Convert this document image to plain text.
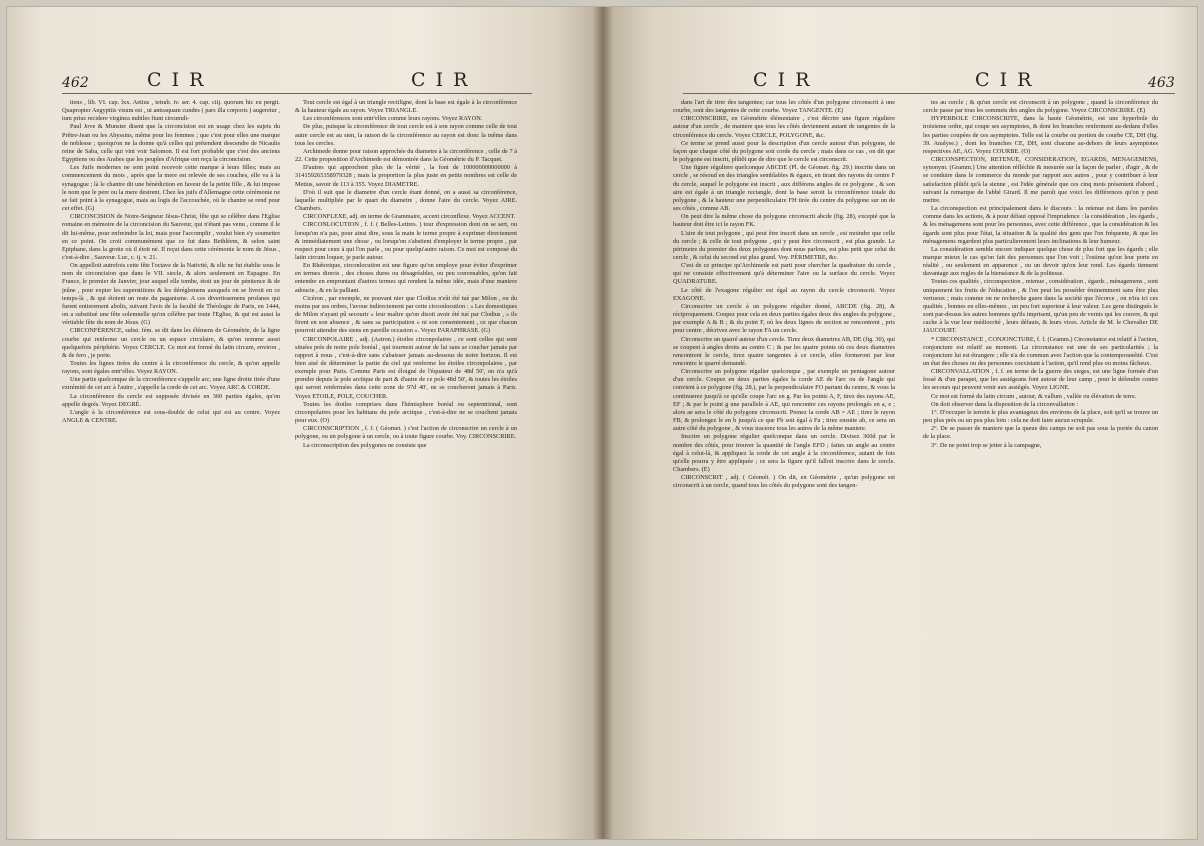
462	C I R	C I R

tiens , lib. VI. cap. lxx. Aetius , tetrab. iv. ser. 4. cap. ciij. quorum hic eu pergit. Quapropter Aegyptiis visum est , ut anteaquam cundes ( pars illa corporis ) augeretur , tum prius recidere virginea nubiles fiunt circumdi-

Paul Jove & Munster disent que la circoncision est en usage chez les sujets du Prêtre-Jean ou les Abyssins, même pour les femmes ; que c'est pour elles une marque de noblesse ; quoiqu'on ne la donne qu'à celles qui prétendent descendre de Nicaulis reine de Saba, celle qui vint voir Salomon. Il est fort probable que c'est des anciens Egyptiens ou des Arabes que les peuples d'Afrique ont reçu la circoncision.

Les Juifs modernes ne sont point recevoir cette marque à leurs filles; mais au commencement du mois , après que la mere est relevée de ses couches, elle va à la synagogue ; là le chantre dit une bénédiction en faveur de la petite fille , & lui impose le nom que le pere ou la mere desirent. Chez les juifs d'Allemagne cette cérémonie ne se fait point à la synagogue, mais au logis de l'accouchée, où le chantre se rend pour cet effet. (G)

CIRCONCISION de Notre-Seigneur Jésus-Christ, fête qui se célèbre dans l'Eglise romaine en mémoire de la circoncision du Sauveur, qui n'étant pas venu , comme il le dit lui-même, pour enfreindre la loi, mais pour l'accomplir , voulut bien s'y soumettre en ce point. On croit communément que ce fut dans Bethléem, & selon saint Epiphane, dans la grotte où il étoit né. Il reçut dans cette cérémonie le nom de Jésus , c'est-à-dire , Sauveur. Luc, c. ij. v. 21.

On appelloit autrefois cette fête l'octave de la Nativité, & elle ne fut établie sous le nom de circoncision que dans le VII. siecle, & alors seulement en Espagne. En France, le premier de Janvier, jour auquel elle tombe, étoit un jour de pénitence & de jeûne , pour expier les superstitions & les déréglemens auxquels on se livroit en ce temps-là , & qui étoient un reste du paganisme. A ces divertissemens profanes qui furent entierement abolis, suivant l'avis de la faculté de Théologie de Paris, en 1444, on a substitué une fête solemnelle qu'on célèbre par toute l'Eglise, & qui est aussi la véritable fête du nom de Jésus. (G)

CIRCONFÉRENCE, subst. fém. se dit dans les élémens de Géométrie, de la ligne courbe qui renferme un cercle ou un espace circulaire, & qu'on nomme aussi quelquefois périphérie. Voyez CERCLE. Ce mot est formé du latin circum, environ , & de fero , je porte.

Toutes les lignes tirées du centre à la circonférence du cercle, & qu'on appelle rayons, sont égales entr'elles. Voyez RAYON.

Une partie quelconque de la circonférence s'appelle arc; une ligne droite tirée d'une extrémité de cet arc à l'autre , s'appelle la corde de cet arc. Voyez ARC & CORDE.

La circonférence du cercle est supposée divisée en 360 parties égales, qu'on appelle degrés. Voyez DEGRÉ.

L'angle à la circonférence est sous-double de celui qui est au centre. Voyez ANGLE & CENTRE.

Tout cercle est égal à un triangle rectiligne, dont la base est égale à la circonférence & la hauteur égale au rayon. Voyez TRIANGLE.

Les circonférences sont entr'elles comme leurs rayons. Voyez RAYON.

De plus, puisque la circonférence de tout cercle est à son rayon comme celle de tout autre cercle est au sien, la raison de la circonférence au rayon est donc la même dans tous les cercles.

Archimede donne pour raison approchée du diametre à la circonférence , celle de 7 à 22. Cette proposition d'Archimede est démontrée dans la Géométrie du P. Tacquet.

D'autres qui approchent plus de la vérité , la font de 100000000000000 à 314159265358979328 ; mais la proportion la plus juste en petits nombres est celle de Metius, savoir de 113 à 355. Voyez DIAMETRE.

D'où il suit que le diametre d'un cercle étant donné, on a aussi sa circonférence, laquelle multipliée par le quart du diametre , donne l'aire du cercle. Voyez AIRE. Chambers.

CIRCONFLEXE, adj. en terme de Grammaire, accent circonflexe. Voyez ACCENT.

CIRCONLOCUTION , f. f. ( Belles-Lettres. ) tour d'expression dont on se sert, ou lorsqu'on n'a pas, pour ainsi dire, sous la main le terme propre à exprimer directement & immédiatement une chose , ou lorsqu'on s'abstient d'employer le terme propre , par respect pour ceux à qui l'on parle , ou pour quelqu'autre raison. Ce mot est composé du latin circum loquor, je parle autour.

En Rhétorique, circonlocution est une figure qu'on employe pour éviter d'exprimer en termes directs , des choses dures ou désagréables, ou peu convenables, qu'on fait entendre en empruntant d'autres termes qui rendent la même idée, mais d'une maniere adoucie , & en la palliant.

Cicéron , par exemple, ne pouvant nier que Clodius n'eût été tué par Milon , ou du moins par ses ordres, l'avoue indirectement par cette circonlocution : « Les domestiques de Milon n'ayant pû secourir » leur maître qu'on disoit avoir été tué par Clodius , » ils firent en son absence , & sans sa participation » ni son consentement , ce que chacun pourroit attendre des siens en pareille occasion ». Voyez PARAPHRASE. (G)

CIRCONPOLAIRE , adj. (Astron.) étoiles circonpolaires , ce sont celles qui sont situées près de notre pole boréal , qui tournent autour de lui sans se coucher jamais par rapport à nous , c'est-à-dire sans s'abaisser jamais au-dessous de notre horizon. Il est bien aisé de déterminer la partie du ciel qui renferme les étoiles circonpolaires , par exemple pour Paris. Comme Paris est éloigné de l'équateur de 48d 50', on n'a qu'à prendre depuis le pole arctique de part & d'autre de ce pole 48d 50', & toutes les étoiles qui seront renfermées dans cette zone de 97d 40', ne se coucheront jamais à Paris. Voyez ETOILE, POLE, COUCHER.

Toutes les étoiles comprises dans l'hémisphere boréal ou septentrional, sont circonpolaires pour les habitans du pole arctique , c'est-à-dire ne se couchent jamais pour eux. (O)

CIRCONSCRIPTION , f. f. ( Géomet. ) c'est l'action de circonscrire un cercle à un polygone, ou un polygone à un cercle, ou à toute figure courbe. Voy. CIRCONSCRIRE.

La circonscription des polygones ne consiste que

C I R	C I R	463

dans l'art de tirer des tangentes; car tous les côtés d'un polygone circonscrit à une courbe, sont des tangentes de cette courbe. Voyez TANGENTE. (E)

CIRCONSCRIRE, en Géométrie élémentaire , c'est décrire une figure réguliere autour d'un cercle , de maniere que tous les côtés deviennent autant de tangentes de la circonférence du cercle. Voyez CERCLE, POLYGONE, &c.

Ce terme se prend aussi pour la description d'un cercle autour d'un polygone, de façon que chaque côté du polygone soit corde du cercle ; mais dans ce cas , on dit que le polygone est inscrit, plûtôt que de dire que le cercle est circonscrit.

Une figure réguliere quelconque ABCDE (Pl. de Géomet. fig. 29.) inscrite dans un cercle , se résoud en des triangles semblables & égaux, en tirant des rayons du centre F du cercle, auquel le polygone est inscrit , aux différens angles de ce polygone , & son aire est égale à un triangle rectangle, dont la base seroit la circonférence totale du polygone , & la hauteur une perpendiculaire FH tirée du centre du polygone sur un de ses côtés , comme AB.

On peut dire la même chose du polygone circonscrit abcde (fig. 28), excepté que la hauteur doit être ici le rayon FK.

L'aire de tout polygone , qui peut être inscrit dans un cercle , est moindre que celle du cercle ; & celle de tout polygone , qui y peut être circonscrit , est plus grande. Le périmetre du premier des deux polygones dont nous parlons, est plus petit que celui du cercle , & celui du second est plus grand. Voy. PÉRIMETRE, &c.

C'est de ce principe qu'Archimede est parti pour chercher la quadrature du cercle , qui ne consiste effectivement qu'à déterminer l'aire ou la surface du cercle. Voyez QUADRATURE.

Le côté de l'exagone régulier est égal au rayon du cercle circonscrit. Voyez EXAGONE.

Circonscrire un cercle à un polygone régulier donné, ABCDE (fig. 28), & réciproquement. Coupez pour cela en deux parties égales deux des angles du polygone , par exemple A & B ; & du point F, où les deux lignes de section se rencontrent , pris pour centre , décrivez avec le rayon FA un cercle.

Circonscrire un quarré autour d'un cercle. Tirez deux diametres AB, DE (fig. 30), qui se coupent à angles droits au centre C ; & par les quatre points où ces deux diametres rencontrent le cercle, tirez quatre tangentes à ce cercle, elles formeront par leur rencontre le quarré demandé.

Circonscrire un polygone régulier quelconque , par exemple un pentagone autour d'un cercle. Coupez en deux parties égales la corde AE de l'arc ou de l'angle qui convient à ce polygone (fig. 28.), par la perpendiculaire FO partant du centre, & vous la continuerez jusqu'à ce qu'elle coupe l'arc en g. Par les points A, F, tirez des rayons AE, EF ; & par le point g une parallele à AE, qui rencontre ces rayons prolongés en a, e ; alors ae sera le côté du polygone circonscrit. Prenez la corde AB = AE ; tirez le rayon FB, & prolongez le en b jusqu'à ce que Fb soit égal à Fa ; tirez ensuite ab, ce sera un autre côté du polygone , & vous tracerez tous les autres de la même maniere.

Inscrire un polygone régulier quelconque dans un cercle. Divisez 360d par le nombre des côtés, pour trouver la quantité de l'angle EFD ; faites un angle au centre égal à celui-là, & appliquez la corde de cet angle à la circonférence, autant de fois qu'elle pourra y être appliquée ; ce sera la figure qu'il falloit inscrire dans le cercle. Chambers. (E)

CIRCONSCRIT , adj. ( Géomét. ) On dit, en Géométrie , qu'un polygone est circonscrit à un cercle, quand tous les côtés du polygone sont des tangen-

tes au cercle ; & qu'un cercle est circonscrit à un polygone , quand la circonférence du cercle passe par tous les sommets des angles du polygone. Voyez CIRCONSCRIRE. (E)

HYPERBOLE CIRCONSCRITE, dans la haute Géométrie, est une hyperbole du troisieme ordre, qui coupe ses asymptotes, & dont les branches renferment au-dedans d'elles les parties coupées de ces asymptotes. Telle est la courbe ou portion de courbe CE, DH (fig. 39. Analyse.) , dont les branches CE, DH, sont chacune au-dehors de leurs asymptotes respectives AE, AG. Voyez COURBE. (O)

CIRCONSPECTION, RETENUE, CONSIDERATION, EGARDS, MENAGEMENS, synonym. (Gramm.) Une attention réfléchie & mesurée sur la façon de parler , d'agir , & de se conduire dans le commerce du monde par rapport aux autres , pour y contribuer à leur satisfaction plûtôt qu'à la sienne , est l'idée générale que ces cinq mots présentent d'abord , suivant la remarque de l'abbé Girard. Il me paroît que voici les différences qu'on y peut mettre.

La circonspection est principalement dans le discours : la retenue est dans les paroles comme dans les actions, & à pour défaut opposé l'imprudence : la considération , les égards , & les ménagemens sont pour les personnes, avec cette différence , que la considération & les égards sont plus pour l'état, la situation & la qualité des gens que l'on fréquente, & que les ménagemens regardent plus particulierement leurs inclinations & leur humeur.

La considération semble encore indiquer quelque chose de plus fort que les égards ; elle marque mieux le cas qu'on fait des personnes que l'on voit ; l'estime qu'on leur porte en réalité , ou seulement en apparence , ou un devoir qu'on leur rend. Les égards tiennent davantage aux regles de la bienséance & de la politesse.

Toutes ces qualités , circonspection , retenue , considération , égards , ménagemens , sont uniquement les fruits de l'éducation , & l'on peut les posséder éminemment sans être plus vertueux ; mais comme on ne recherche guere dans la société que l'écorce , on n'ira ici ces qualités , bonnes en elles-mêmes , un peu fort superieur à leur valeur. Les gens distingués le sont par-dessus les autres hommes qu'ils imprisent, qu'un peu de vernis qui les couvre, & qui cache à la vue leur médiocrité , leurs défauts, & leurs vices. Article de M. le Chevalier DE JAUCOURT.

* CIRCONSTANCE , CONJONCTURE, f. f. (Gramm.) Circonstance est relatif à l'action, conjoncture est relatif au moment. La circonstance est une de ses particularités ; la conjoncture lui est étrangere ; elle n'a de commun avec l'action que la contemporanéité. C'est un état des choses ou des personnes coexistant à l'action, qu'il rend plus ou moins fâcheux.

CIRCONVALLATION , f. f. en terme de la guerre des sieges, est une ligne formée d'un fossé & d'un parapet, que les assiégeans font autour de leur camp , pour le défendre contre les secours qui peuvent venir aux assiégés. Voyez LIGNE.

Ce mot est formé du latin circum , autour, & vallum , vallée ou élévation de terre.

On doit observer dans la disposition de la circonvallation :

1°. D'occuper le terrein le plus avantageux des environs de la place, soit qu'il se trouve un peu plus près ou un peu plus loin : cela ne doit faire aucun scrupule.

2°. De se passer de maniere que la queue des camps ne soit pas sous la portée du canon de la place.

3°. De ne point trop se jetter à la campagne,
